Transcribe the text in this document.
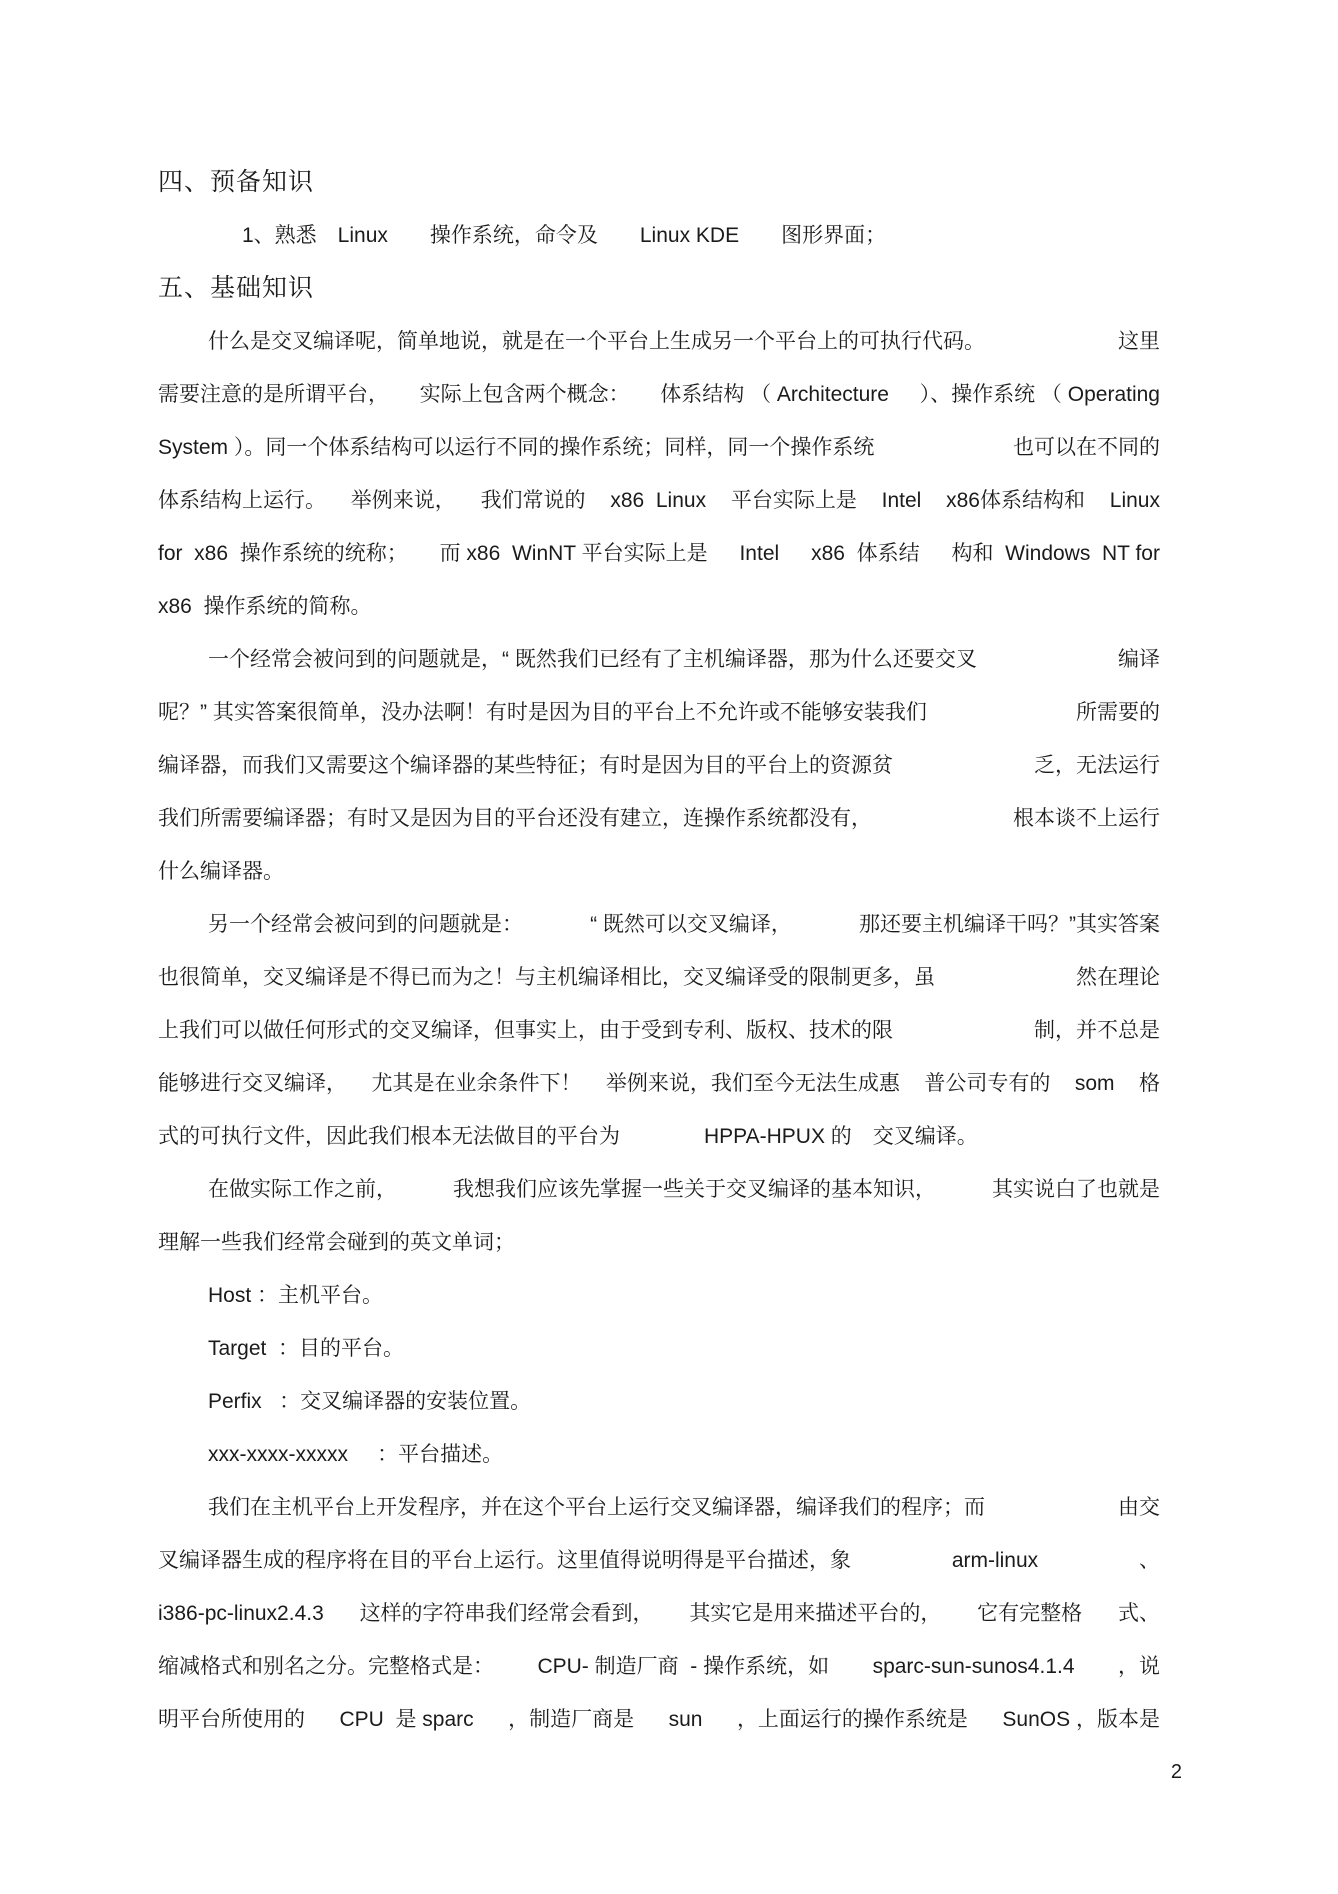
四、预备知识
1、熟悉　Linux　　操作系统，命令及　　Linux KDE　　图形界面；
五、基础知识
什么是交叉编译呢，简单地说，就是在一个平台上生成另一个平台上的可执行代码。	这里
需要注意的是所谓平台， 实际上包含两个概念： 体系结构 （ Architecture ）、操作系统 （ Operating
System ）。同一个体系结构可以运行不同的操作系统；同样，同一个操作系统	也可以在不同的
体系结构上运行。 举例来说， 我们常说的 x86  Linux 平台实际上是 Intel x86体系结构和 Linux
for  x86  操作系统的统称； 而 x86  WinNT 平台实际上是 Intel x86  体系结 构和  Windows  NT for
x86  操作系统的简称。
一个经常会被问到的问题就是，“ 既然我们已经有了主机编译器，那为什么还要交叉	编译
呢？” 其实答案很简单，没办法啊！有时是因为目的平台上不允许或不能够安装我们	所需要的
编译器，而我们又需要这个编译器的某些特征；有时是因为目的平台上的资源贫	乏，无法运行
我们所需要编译器；有时又是因为目的平台还没有建立，连操作系统都没有，	根本谈不上运行
什么编译器。
另一个经常会被问到的问题就是：	“ 既然可以交叉编译，	那还要主机编译干吗？”其实答案
也很简单，交叉编译是不得已而为之！与主机编译相比，交叉编译受的限制更多，虽	然在理论
上我们可以做任何形式的交叉编译，但事实上，由于受到专利、版权、技术的限	制，并不总是
能够进行交叉编译， 尤其是在业余条件下！ 举例来说，我们至今无法生成惠 普公司专有的 som 格
式的可执行文件，因此我们根本无法做目的平台为　　　　HPPA-HPUX 的　交叉编译。
在做实际工作之前，	我想我们应该先掌握一些关于交叉编译的基本知识，	其实说白了也就是
理解一些我们经常会碰到的英文单词；
Host ：主机平台。
Target  ：目的平台。
Perfix   ：交叉编译器的安装位置。
xxx-xxxx-xxxxx     ：平台描述。
我们在主机平台上开发程序，并在这个平台上运行交叉编译器，编译我们的程序；而	由交
叉编译器生成的程序将在目的平台上运行。这里值得说明得是平台描述，象	arm-linux	、
i386-pc-linux2.4.3 这样的字符串我们经常会看到， 其实它是用来描述平台的， 它有完整格 式、
缩减格式和别名之分。完整格式是： CPU- 制造厂商  - 操作系统，如 sparc-sun-sunos4.1.4 ，说
明平台所使用的 CPU  是 sparc ，制造厂商是 sun ，上面运行的操作系统是 SunOS ，版本是
2
